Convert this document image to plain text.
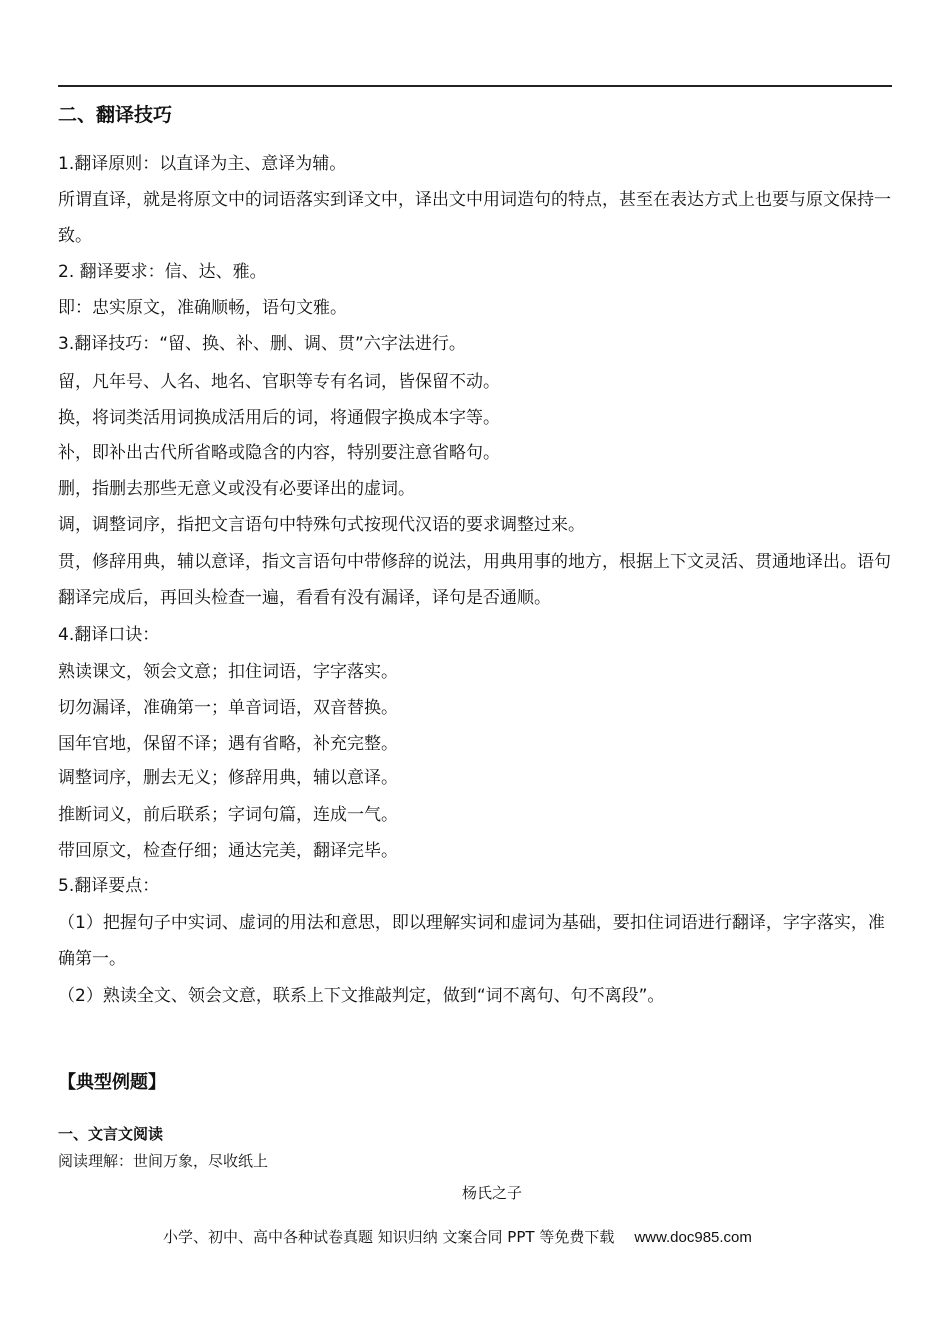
二、翻译技巧

1.翻译原则：以直译为主、意译为辅。

所谓直译，就是将原文中的词语落实到译文中，译出文中用词造句的特点，甚至在表达方式上也要与原文保持一致。

2. 翻译要求：信、达、雅。

即：忠实原文，准确顺畅，语句文雅。

3.翻译技巧：“留、换、补、删、调、贯”六字法进行。

留，凡年号、人名、地名、官职等专有名词，皆保留不动。

换，将词类活用词换成活用后的词，将通假字换成本字等。

补，即补出古代所省略或隐含的内容，特别要注意省略句。

删，指删去那些无意义或没有必要译出的虚词。

调，调整词序，指把文言语句中特殊句式按现代汉语的要求调整过来。

贯，修辞用典，辅以意译，指文言语句中带修辞的说法，用典用事的地方，根据上下文灵活、贯通地译出。语句翻译完成后，再回头检查一遍，看看有没有漏译，译句是否通顺。

4.翻译口诀：

熟读课文，领会文意；扣住词语，字字落实。

切勿漏译，准确第一；单音词语，双音替换。

国年官地，保留不译；遇有省略，补充完整。

调整词序，删去无义；修辞用典，辅以意译。

推断词义，前后联系；字词句篇，连成一气。

带回原文，检查仔细；通达完美，翻译完毕。

5.翻译要点：

（1）把握句子中实词、虚词的用法和意思，即以理解实词和虚词为基础，要扣住词语进行翻译，字字落实，准确第一。

（2）熟读全文、领会文意，联系上下文推敲判定，做到“词不离句、句不离段”。

【典型例题】
一、文言文阅读
阅读理解：世间万象，尽收纸上
杨氏之子
小学、初中、高中各种试卷真题 知识归纳 文案合同 PPT 等免费下载 www.doc985.com
